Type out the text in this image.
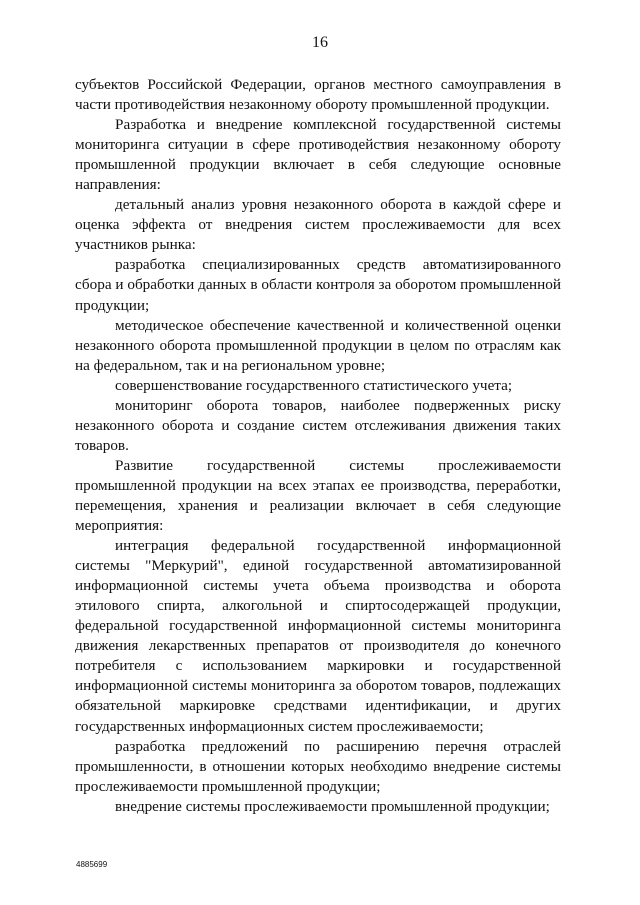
16

субъектов Российской Федерации, органов местного самоуправления в части противодействия незаконному обороту промышленной продукции.

Разработка и внедрение комплексной государственной системы мониторинга ситуации в сфере противодействия незаконному обороту промышленной продукции включает в себя следующие основные направления:

детальный анализ уровня незаконного оборота в каждой сфере и оценка эффекта от внедрения систем прослеживаемости для всех участников рынка:

разработка специализированных средств автоматизированного сбора и обработки данных в области контроля за оборотом промышленной продукции;

методическое обеспечение качественной и количественной оценки незаконного оборота промышленной продукции в целом по отраслям как на федеральном, так и на региональном уровне;

совершенствование государственного статистического учета;

мониторинг оборота товаров, наиболее подверженных риску незаконного оборота и создание систем отслеживания движения таких товаров.

Развитие государственной системы прослеживаемости промышленной продукции на всех этапах ее производства, переработки, перемещения, хранения и реализации включает в себя следующие мероприятия:

интеграция федеральной государственной информационной системы "Меркурий", единой государственной автоматизированной информационной системы учета объема производства и оборота этилового спирта, алкогольной и спиртосодержащей продукции, федеральной государственной информационной системы мониторинга движения лекарственных препаратов от производителя до конечного потребителя с использованием маркировки и государственной информационной системы мониторинга за оборотом товаров, подлежащих обязательной маркировке средствами идентификации, и других государственных информационных систем прослеживаемости;

разработка предложений по расширению перечня отраслей промышленности, в отношении которых необходимо внедрение системы прослеживаемости промышленной продукции;

внедрение системы прослеживаемости промышленной продукции;

4885699
